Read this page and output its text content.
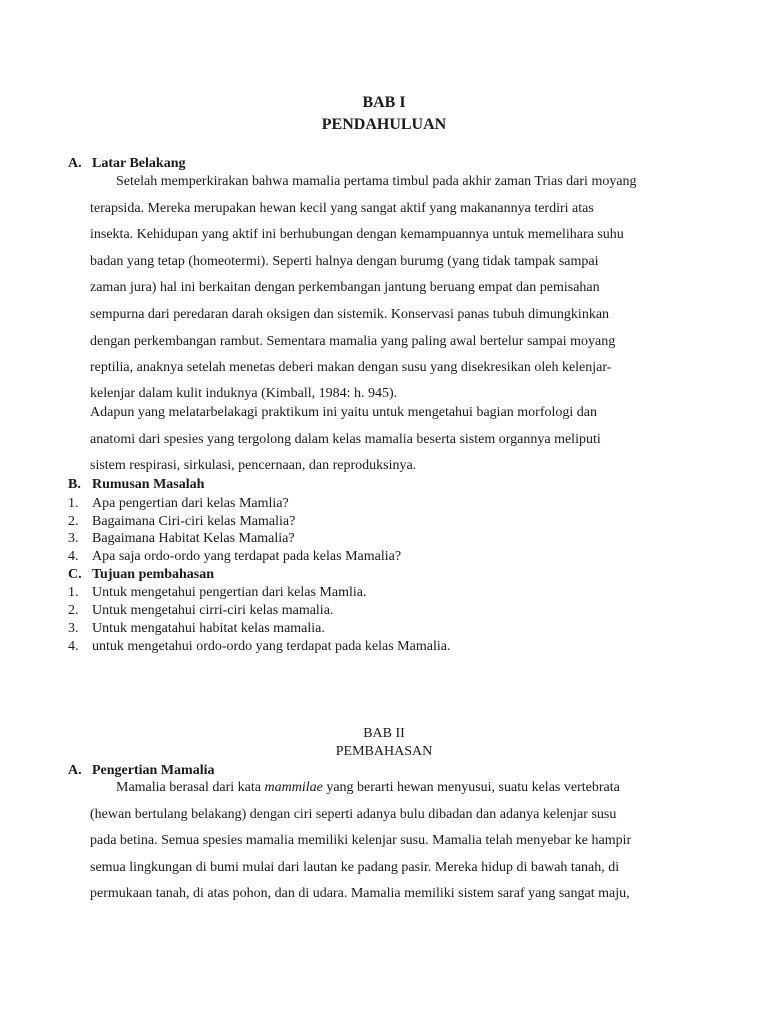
BAB I
PENDAHULUAN
A. Latar Belakang

Setelah memperkirakan bahwa mamalia pertama timbul pada akhir zaman Trias dari moyang
terapsida. Mereka merupakan hewan kecil yang sangat aktif yang makanannya terdiri atas
insekta. Kehidupan yang aktif ini berhubungan dengan kemampuannya untuk memelihara suhu
badan yang tetap (homeotermi). Seperti halnya dengan burumg (yang tidak tampak sampai
zaman jura) hal ini berkaitan dengan perkembangan jantung beruang empat dan pemisahan
sempurna dari peredaran darah oksigen dan sistemik. Konservasi panas tubuh dimungkinkan
dengan perkembangan rambut. Sementara mamalia yang paling awal bertelur sampai moyang
reptilia, anaknya setelah menetas deberi makan dengan susu yang disekresikan oleh kelenjar-

kelenjar dalam kulit induknya (Kimball, 1984: h. 945).

Adapun yang melatarbelakagi praktikum ini yaitu untuk mengetahui bagian morfologi dan
anatomi dari spesies yang tergolong dalam kelas mamalia beserta sistem organnya meliputi
sistem respirasi, sirkulasi, pencernaan, dan reproduksinya.

B. Rumusan Masalah
1. Apa pengertian dari kelas Mamlia?
2. Bagaimana Ciri-ciri kelas Mamalia?
3. Bagaimana Habitat Kelas Mamalia?
4. Apa saja ordo-ordo yang terdapat pada kelas Mamalia?
C. Tujuan pembahasan
1. Untuk mengetahui pengertian dari kelas Mamlia.
2. Untuk mengetahui cirri-ciri kelas mamalia.
3. Untuk mengatahui habitat kelas mamalia.
4. untuk mengetahui ordo-ordo yang terdapat pada kelas Mamalia.
BAB II
PEMBAHASAN
A. Pengertian Mamalia

Mamalia berasal dari kata mammilae yang berarti hewan menyusui, suatu kelas vertebrata
(hewan bertulang belakang) dengan ciri seperti adanya bulu dibadan dan adanya kelenjar susu
pada betina. Semua spesies mamalia memiliki kelenjar susu. Mamalia telah menyebar ke hampir
semua lingkungan di bumi mulai dari lautan ke padang pasir. Mereka hidup di bawah tanah, di
permukaan tanah, di atas pohon, dan di udara. Mamalia memiliki sistem saraf yang sangat maju,
